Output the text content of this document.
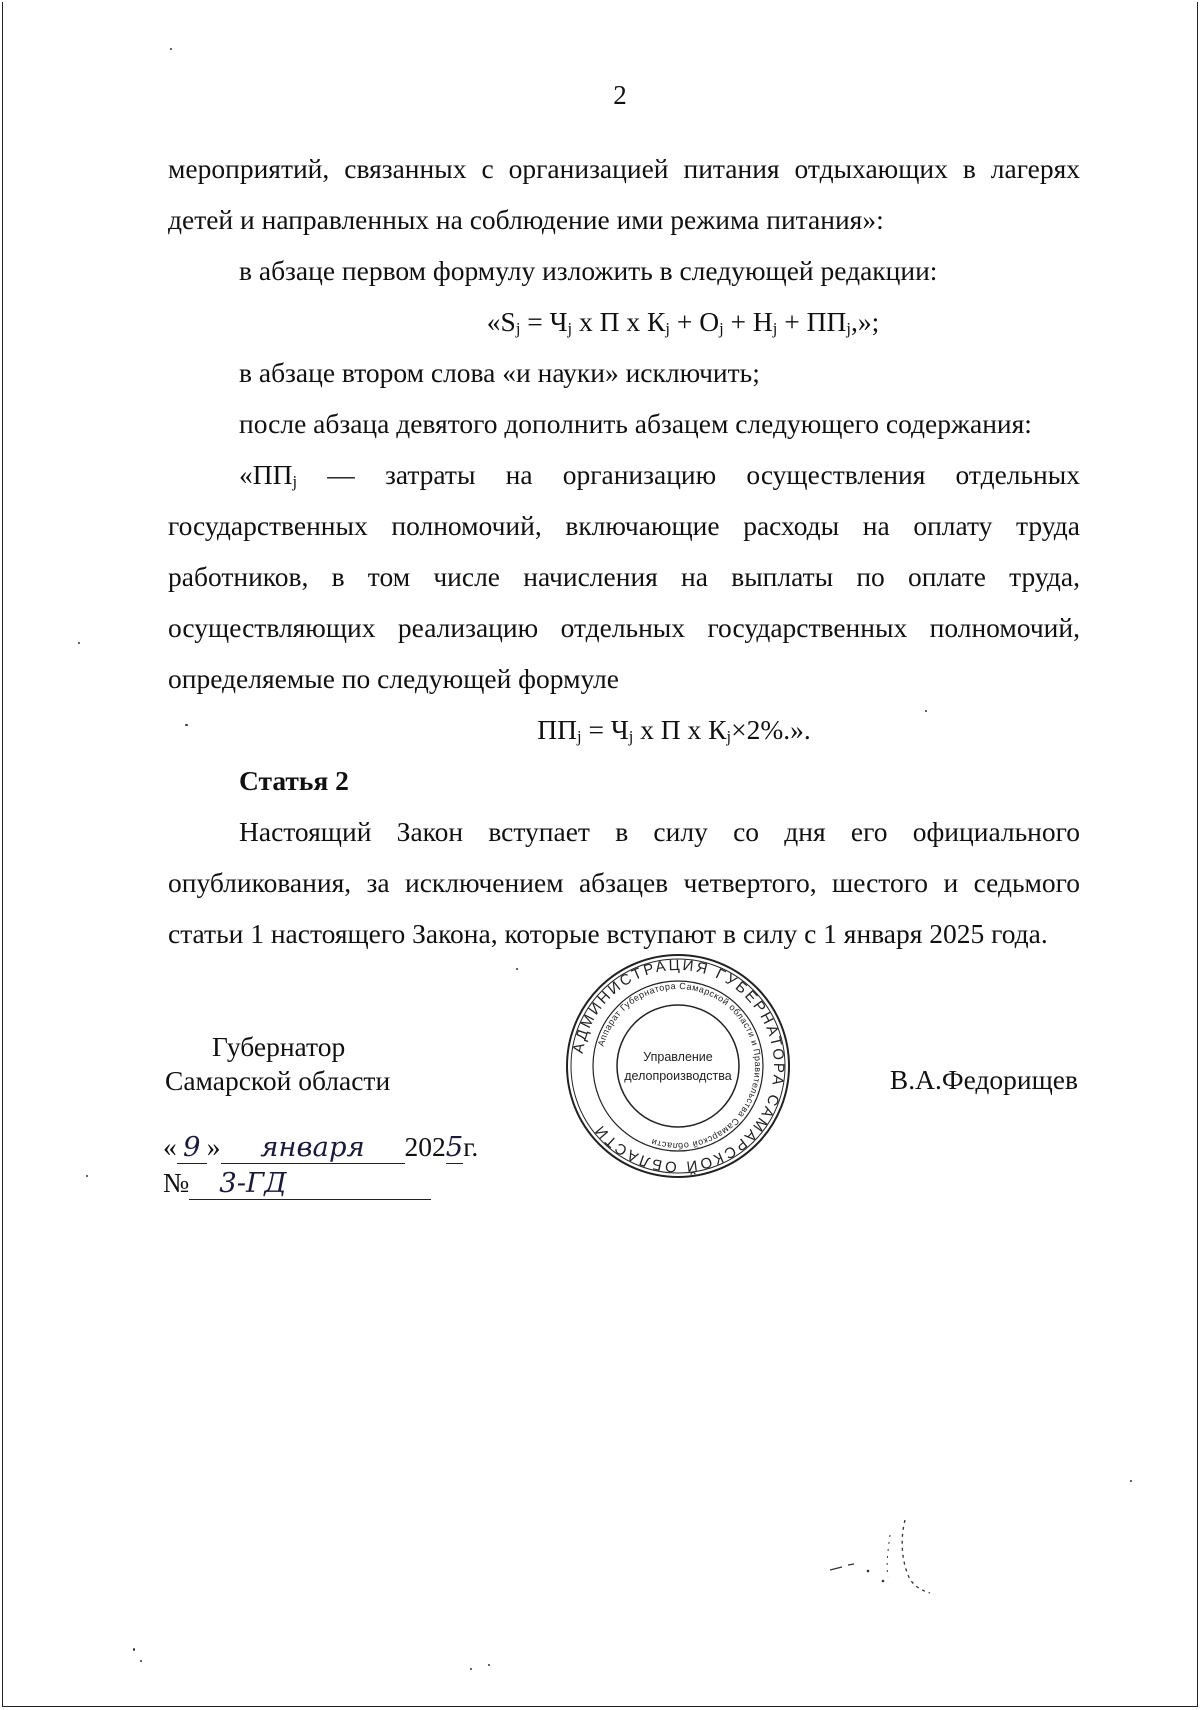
2

мероприятий, связанных с организацией питания отдыхающих в лагерях детей и направленных на соблюдение ими режима питания»:

в абзаце первом формулу изложить в следующей редакции:

«$S_j = Ч_j$ х П х $К_j + О_j + Н_j + ПП_j$,»;

в абзаце втором слова «и науки» исключить;

после абзаца девятого дополнить абзацем следующего содержания:

«$ПП_j$ — затраты на организацию осуществления отдельных государственных полномочий, включающие расходы на оплату труда работников, в том числе начисления на выплаты по оплате труда, осуществляющих реализацию отдельных государственных полномочий, определяемые по следующей формуле

$ПП_j = Ч_j$ х П х $К_j\times 2\%$.».

Статья 2

Настоящий Закон вступает в силу со дня его официального опубликования, за исключением абзацев четвертого, шестого и седьмого статьи 1 настоящего Закона, которые вступают в силу с 1 января 2025 года.

Губернатор
Самарской области	В.А.Федорищев
« 9 » января 2025г.
№ 3-ГД
АДМИНИСТРАЦИЯ ГУБЕРНАТОРА САМАРСКОЙ ОБЛАСТИ
Аппарат Губернатора Самарской области и Правительства Самарской области
Управление
делопроизводства
